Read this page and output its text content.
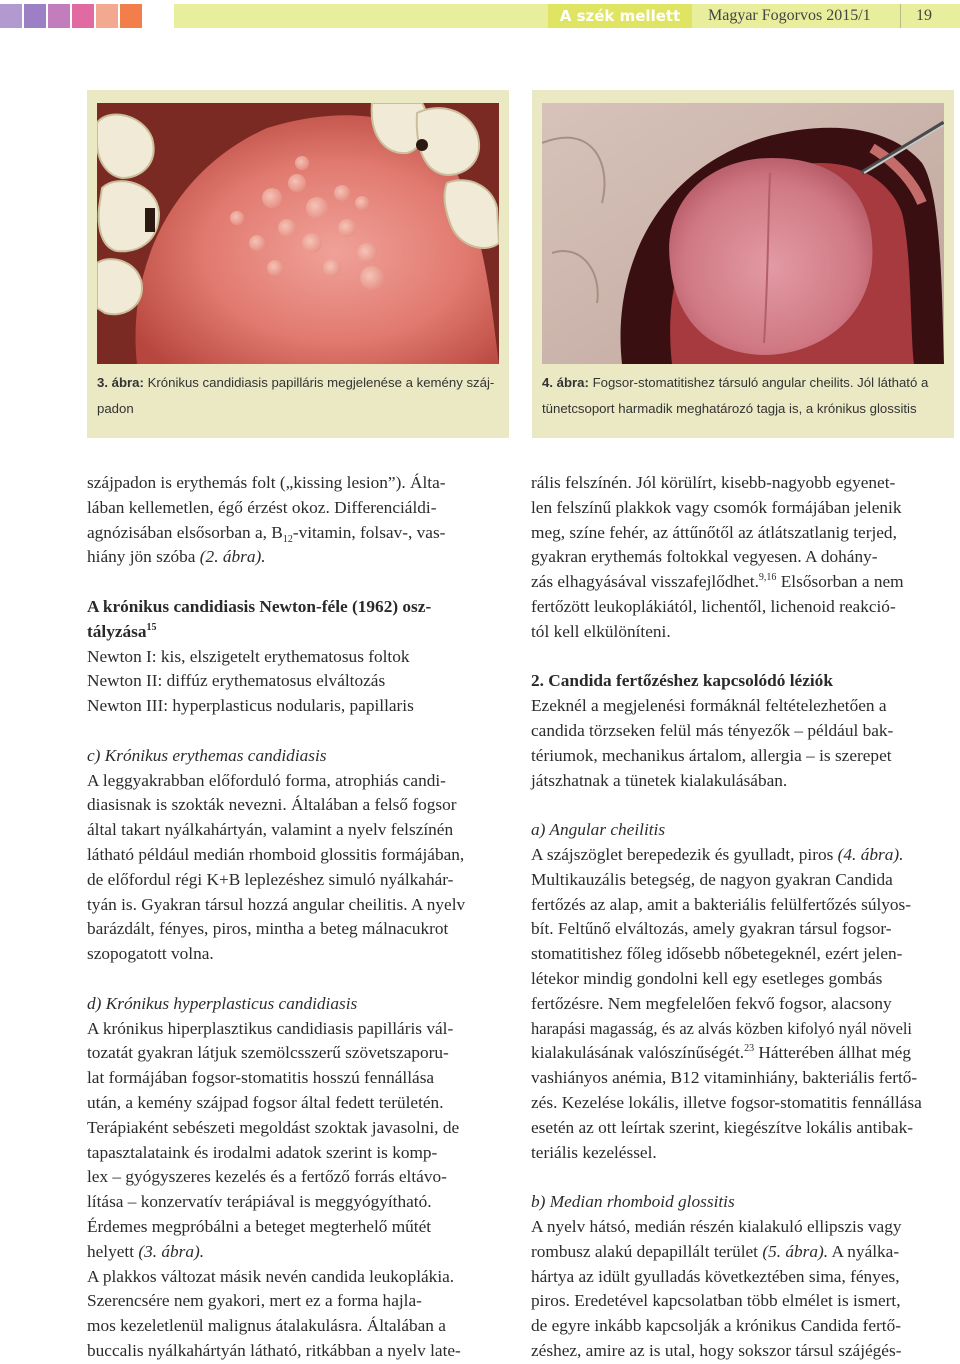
A szék mellett	Magyar Fogorvos 2015/1	19
3. ábra: Krónikus candidiasis papilláris megjelenése a kemény száj-
padon
4. ábra: Fogsor-stomatitishez társuló angular cheilits. Jól látható a
tünetcsoport harmadik meghatározó tagja is, a krónikus glossitis

szájpadon is erythemás folt („kissing lesion”). Álta-

lában kellemetlen, égő érzést okoz. Differenciáldi-

agnózisában elsősorban a, $B_{12}$-vitamin, folsav-, vas-

hiány jön szóba (2. ábra).

A krónikus candidiasis Newton-féle (1962) osz-

tályzása$^{15}$

Newton I: kis, elszigetelt erythematosus foltok

Newton II: diffúz erythematosus elváltozás

Newton III: hyperplasticus nodularis, papillaris

c) Krónikus erythemas candidiasis

A leggyakrabban előforduló forma, atrophiás candi-

diasisnak is szokták nevezni. Általában a felső fogsor

által takart nyálkahártyán, valamint a nyelv felszínén

látható például medián rhomboid glossitis formájában,

de előfordul régi K+B leplezéshez simuló nyálkahár-

tyán is. Gyakran társul hozzá angular cheilitis. A nyelv

barázdált, fényes, piros, mintha a beteg málnacukrot

szopogatott volna.

d) Krónikus hyperplasticus candidiasis

A krónikus hiperplasztikus candidiasis papilláris vál-

tozatát gyakran látjuk szemölcsszerű szövetszaporu-

lat formájában fogsor-stomatitis hosszú fennállása

után, a kemény szájpad fogsor által fedett területén.

Terápiaként sebészeti megoldást szoktak javasolni, de

tapasztalataink és irodalmi adatok szerint is komp-

lex – gyógyszeres kezelés és a fertőző forrás eltávo-

lítása – konzervatív terápiával is meggyógyítható.

Érdemes megpróbálni a beteget megterhelő műtét

helyett (3. ábra).

A plakkos változat másik nevén candida leukoplákia.

Szerencsére nem gyakori, mert ez a forma hajla-

mos kezeletlenül malignus átalakulásra. Általában a

buccalis nyálkahártyán látható, ritkábban a nyelv late-

rális felszínén. Jól körülírt, kisebb-nagyobb egyenet-

len felszínű plakkok vagy csomók formájában jelenik

meg, színe fehér, az áttűnőtől az átlátszatlanig terjed,

gyakran erythemás foltokkal vegyesen. A dohány-

zás elhagyásával visszafejlődhet.$^{9,16}$ Elsősorban a nem

fertőzött leukoplákiától, lichentől, lichenoid reakció-

tól kell elkülöníteni.

2. Candida fertőzéshez kapcsolódó léziók

Ezeknél a megjelenési formáknál feltételezhetően a

candida törzseken felül más tényezők – például bak-

tériumok, mechanikus ártalom, allergia – is szerepet

játszhatnak a tünetek kialakulásában.

a) Angular cheilitis

A szájszöglet berepedezik és gyulladt, piros (4. ábra).

Multikauzális betegség, de nagyon gyakran Candida

fertőzés az alap, amit a bakteriális felülfertőzés súlyos-

bít. Feltűnő elváltozás, amely gyakran társul fogsor-

stomatitishez főleg idősebb nőbetegeknél, ezért jelen-

létekor mindig gondolni kell egy esetleges gombás

fertőzésre. Nem megfelelően fekvő fogsor, alacsony

harapási magasság, és az alvás közben kifolyó nyál növeli

kialakulásának valószínűségét.$^{23}$ Hátterében állhat még

vashiányos anémia, B12 vitaminhiány, bakteriális fertő-

zés. Kezelése lokális, illetve fogsor-stomatitis fennállása

esetén az ott leírtak szerint, kiegészítve lokális antibak-

teriális kezeléssel.

b) Median rhomboid glossitis

A nyelv hátsó, medián részén kialakuló ellipszis vagy

rombusz alakú depapillált terület (5. ábra). A nyálka-

hártya az idült gyulladás következtében sima, fényes,

piros. Eredetével kapcsolatban több elmélet is ismert,

de egyre inkább kapcsolják a krónikus Candida fertő-

zéshez, amire az is utal, hogy sokszor társul szájégés-
